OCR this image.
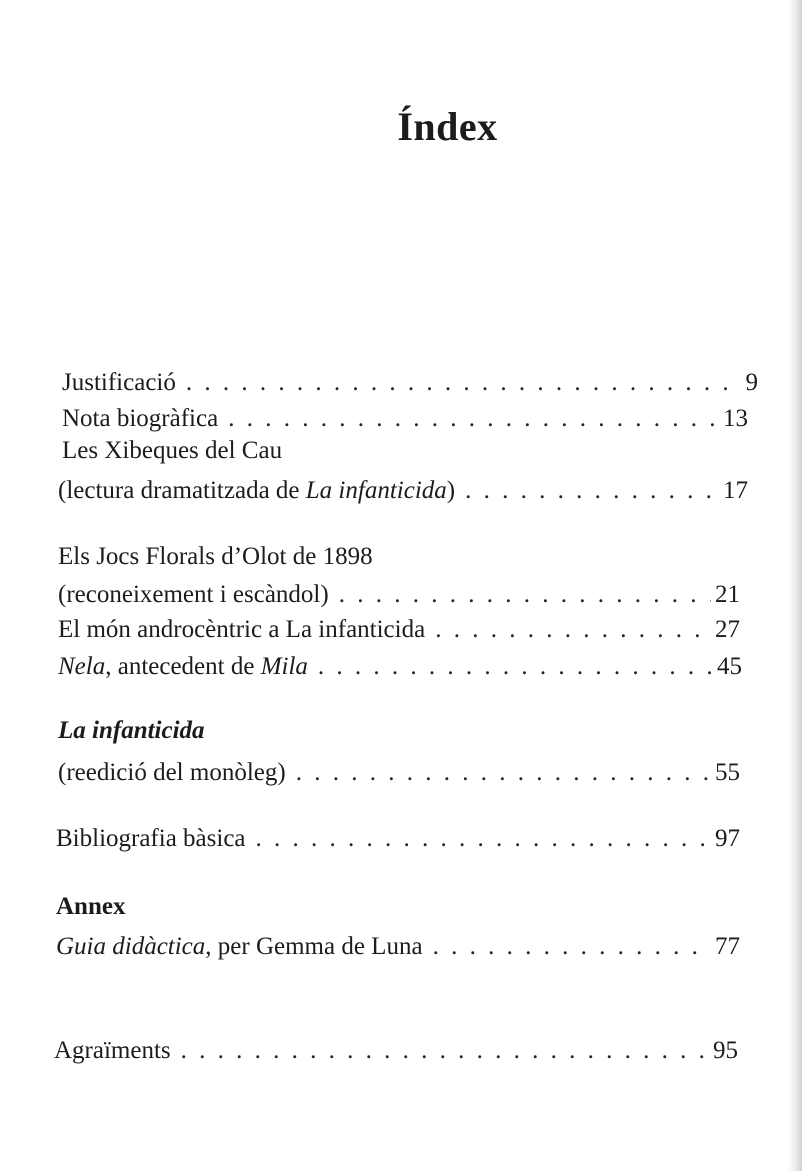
Índex
Justificació . . .	9
Nota biogràfica . . .	13
Les Xibeques del Cau
(lectura dramatitzada de La infanticida) . . .	17
Els Jocs Florals d’Olot de 1898
(reconeixement i escàndol) . . .	21
El món androcèntric a La infanticida . . .	27
Nela, antecedent de Mila . . .	45
La infanticida
(reedició del monòleg) . . .	55
Bibliografia bàsica . . .	97
Annex
Guia didàctica, per Gemma de Luna . . .	77
Agraïments . . .	95
